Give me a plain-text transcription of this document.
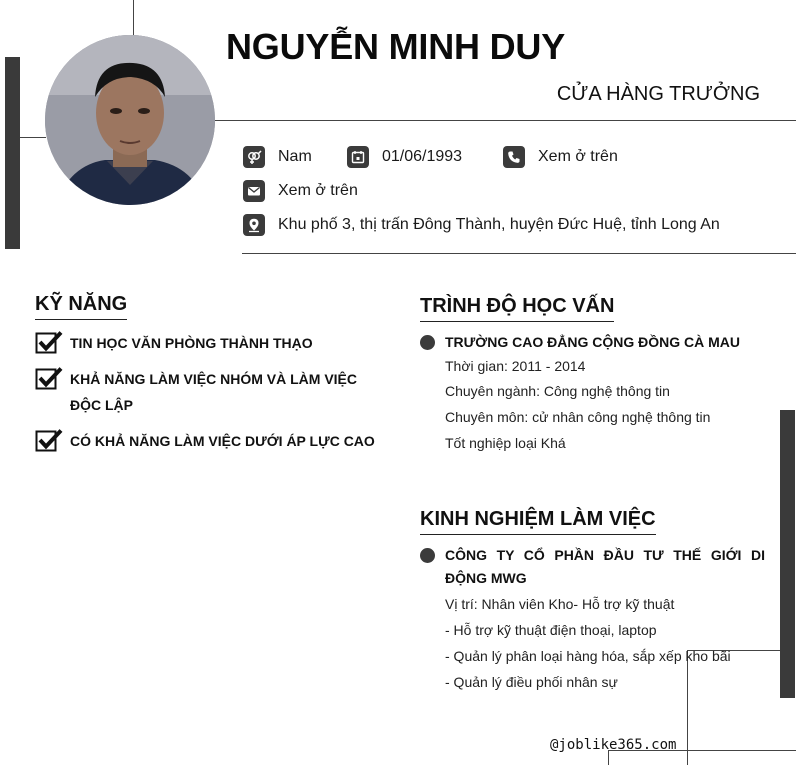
NGUYỄN MINH DUY
CỬA HÀNG TRƯỞNG
Nam	01/06/1993	Xem ở trên
Xem ở trên
Khu phố 3, thị trấn Đông Thành, huyện Đức Huệ, tỉnh Long An
KỸ NĂNG
TIN HỌC VĂN PHÒNG THÀNH THẠO
KHẢ NĂNG LÀM VIỆC NHÓM VÀ LÀM VIỆC ĐỘC LẬP
CÓ KHẢ NĂNG LÀM VIỆC DƯỚI ÁP LỰC CAO
TRÌNH ĐỘ HỌC VẤN
TRƯỜNG CAO ĐẲNG CỘNG ĐỒNG CÀ MAU
Thời gian: 2011 - 2014
Chuyên ngành: Công nghệ thông tin
Chuyên môn: cử nhân công nghệ thông tin
Tốt nghiệp loại Khá
KINH NGHIỆM LÀM VIỆC
CÔNG TY CỔ PHẦN ĐẦU TƯ THẾ GIỚI DI ĐỘNG MWG
Vị trí: Nhân viên Kho- Hỗ trợ kỹ thuật
- Hỗ trợ kỹ thuật điện thoại, laptop
- Quản lý phân loại hàng hóa, sắp xếp kho bãi
- Quản lý điều phối nhân sự
@joblike365.com
